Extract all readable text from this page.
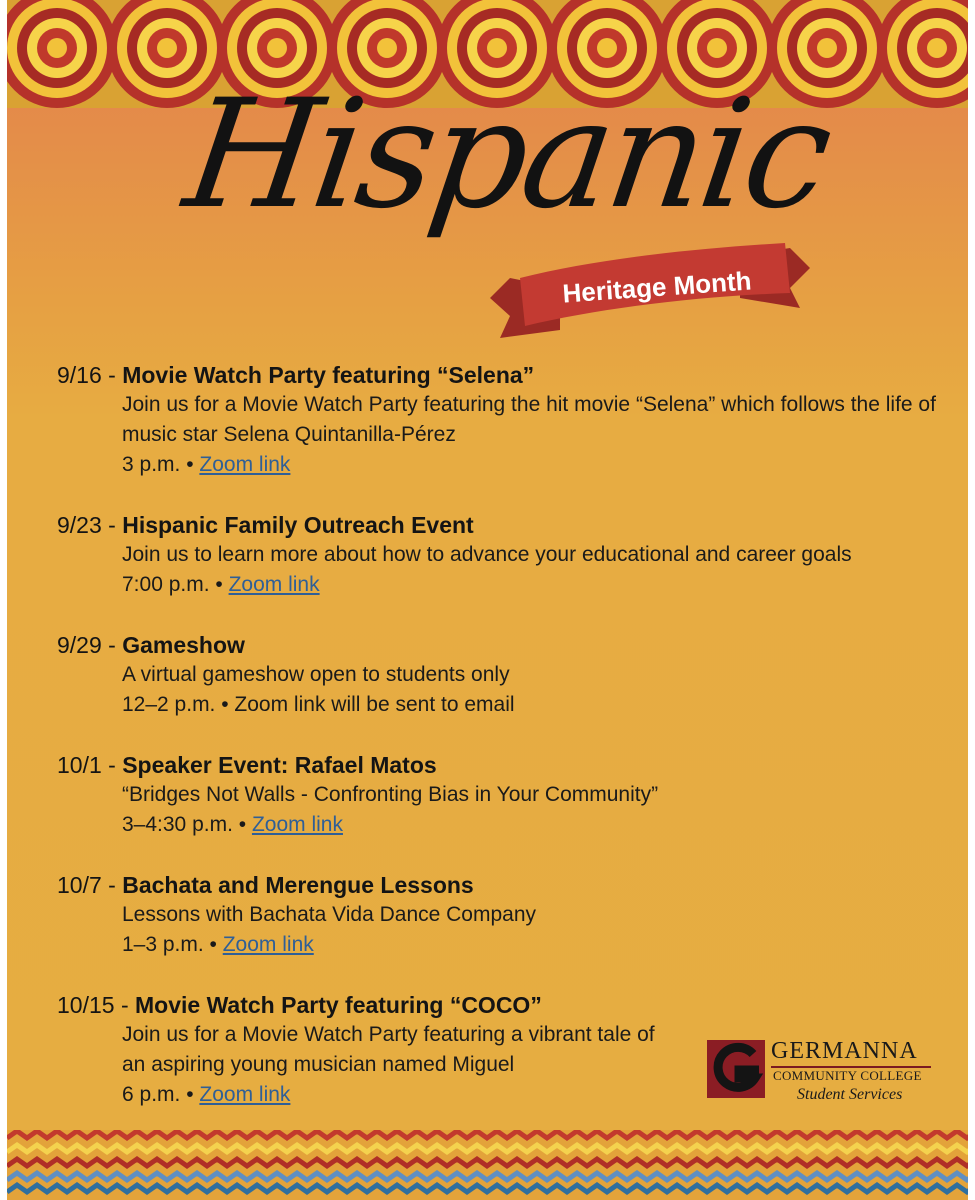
Hispanic
Heritage Month
9/16 - Movie Watch Party featuring “Selena”
Join us for a Movie Watch Party featuring the hit movie “Selena” which follows the life of music star Selena Quintanilla-Pérez
3 p.m. • Zoom link
9/23 - Hispanic Family Outreach Event
Join us to learn more about how to advance your educational and career goals
7:00 p.m. • Zoom link
9/29 - Gameshow
A virtual gameshow open to students only
12–2 p.m. • Zoom link will be sent to email
10/1 - Speaker Event: Rafael Matos
“Bridges Not Walls - Confronting Bias in Your Community”
3–4:30 p.m. • Zoom link
10/7 - Bachata and Merengue Lessons
Lessons with Bachata Vida Dance Company
1–3 p.m. • Zoom link
10/15 - Movie Watch Party featuring “COCO”
Join us for a Movie Watch Party featuring a vibrant tale of an aspiring young musician named Miguel
6 p.m. • Zoom link
GERMANNA
COMMUNITY COLLEGE
Student Services
